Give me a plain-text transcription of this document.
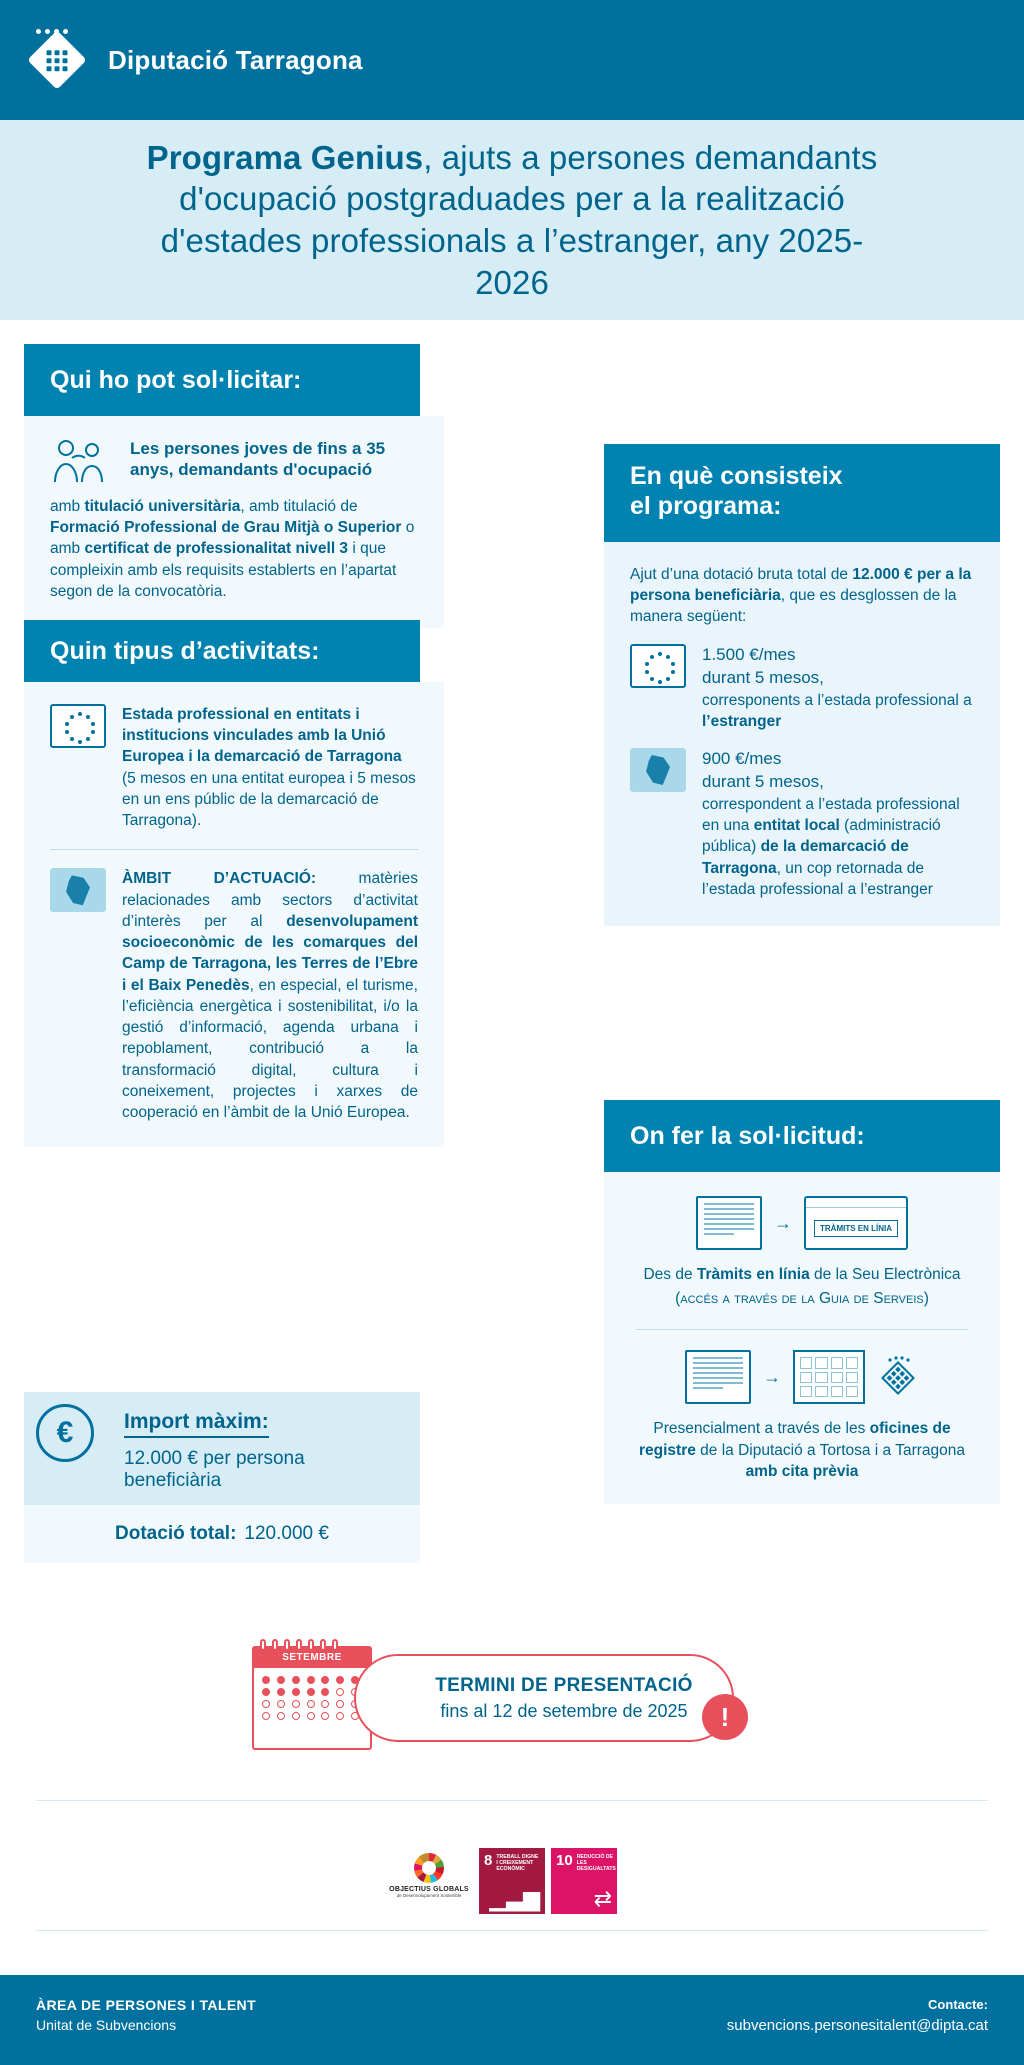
Diputació Tarragona
Programa Genius, ajuts a persones demandants d'ocupació postgraduades per a la realització d'estades professionals a l’estranger, any 2025-2026
Qui ho pot sol·licitar:
Les persones joves de fins a 35 anys, demandants d'ocupació

amb titulació universitària, amb titulació de Formació Professional de Grau Mitjà o Superior o amb certificat de professionalitat nivell 3 i que compleixin amb els requisits establerts en l’apartat segon de la convocatòria.

Quin tipus d’activitats:

Estada professional en entitats i institucions vinculades amb la Unió Europea i la demarcació de Tarragona (5 mesos en una entitat europea i 5 mesos en un ens públic de la demarcació de Tarragona).

ÀMBIT D’ACTUACIÓ: matèries relacionades amb sectors d’activitat d’interès per al desenvolupament socioeconòmic de les comarques del Camp de Tarragona, les Terres de l’Ebre i el Baix Penedès, en especial, el turisme, l’eficiència energètica i sostenibilitat, i/o la gestió d’informació, agenda urbana i repoblament, contribució a la transformació digital, cultura i coneixement, projectes i xarxes de cooperació en l’àmbit de la Unió Europea.

Import màxim:
12.000 € per persona beneficiària
€
Dotació total: 120.000 €
En què consisteix
el programa:

Ajut d’una dotació bruta total de 12.000 € per a la persona beneficiària, que es desglossen de la manera següent:

1.500 €/mes
durant 5 mesos,
corresponents a l’estada professional a l’estranger
900 €/mes
durant 5 mesos,
correspondent a l’estada professional en una entitat local (administració pública) de la demarcació de Tarragona, un cop retornada de l’estada professional a l’estranger
On fer la sol·licitud:
→	TRÀMITS EN LÍNIA

Des de Tràmits en línia de la Seu Electrònica

(accés a través de la Guia de Serveis)

→

Presencialment a través de les oficines de registre de la Diputació a Tortosa i a Tarragona amb cita prèvia

SETEMBRE
TERMINI DE PRESENTACIÓ
fins al 12 de setembre de 2025	!
OBJECTIUS GLOBALS
de Desenvolupament Sostenible
8 TREBALL DIGNE I CREIXEMENT ECONÒMIC
▁▃▆
10 REDUCCIÓ DE LES DESIGUALTATS
⇄
ÀREA DE PERSONES I TALENT
Unitat de Subvencions
Contacte:
subvencions.personesitalent@dipta.cat
